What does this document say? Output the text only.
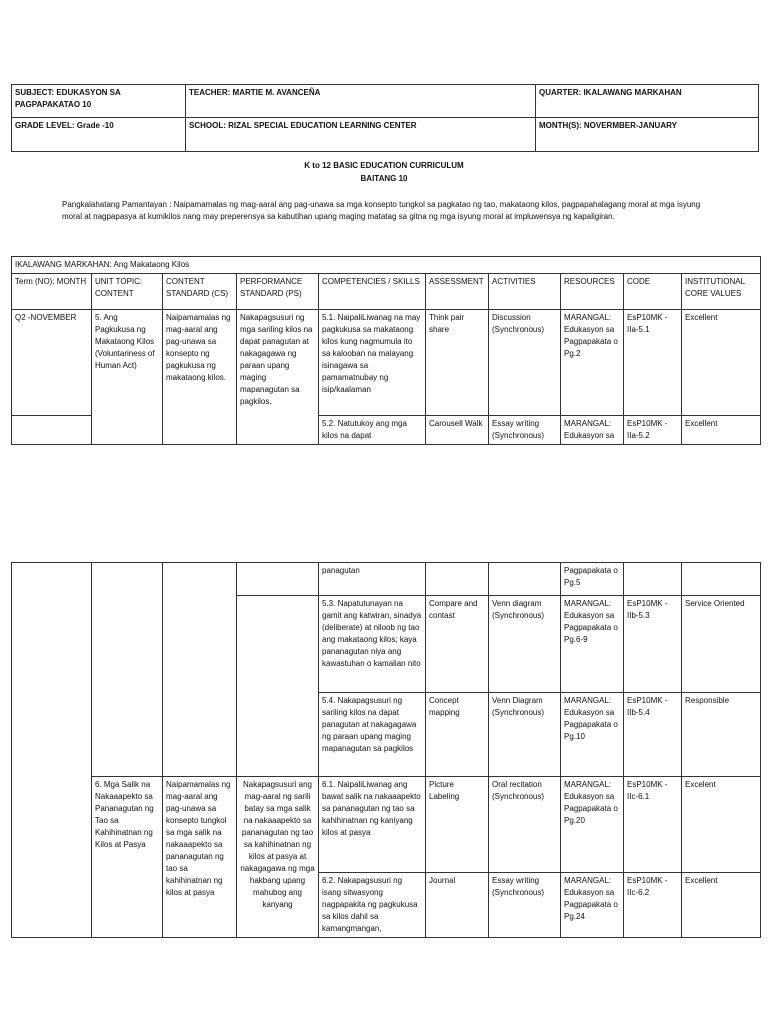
SUBJECT: EDUKASYON SA PAGPAPAKATAO 10	TEACHER: MARTIE M. AVANCEÑA	QUARTER: IKALAWANG MARKAHAN
GRADE LEVEL: Grade -10	SCHOOL: RIZAL SPECIAL EDUCATION LEARNING CENTER	MONTH(S): NOVERMBER-JANUARY
K to 12 BASIC EDUCATION CURRICULUM
BAITANG 10
Pangkalahatang Pamantayan : Naipamamalas ng mag-aaral ang pag-unawa sa mga konsepto tungkol sa pagkatao ng tao, makataong kilos, pagpapahalagang moral at mga isyung moral at nagpapasya at kumikilos nang may preperensya sa kabutihan upang maging matatag sa gitna ng mga isyung moral at impluwensya ng kapaligiran.
IKALAWANG MARKAHAN: Ang Makataong Kilos									
Term (NO): MONTH	UNIT TOPIC: CONTENT	CONTENT STANDARD (CS)	PERFORMANCE STANDARD (PS)	COMPETENCIES / SKILLS	ASSESSMENT	ACTIVITIES	RESOURCES	CODE	INSTITUTIONAL CORE VALUES
Q2 -NOVEMBER	5. Ang Pagkukusa ng Makataong Kilos (Voluntariness of Human Act)	Naipamamalas ng mag-aaral ang pag-unawa sa konsepto ng pagkukusa ng makataong kilos.	Nakapagsusuri ng mga sariling kilos na dapat panagutan at nakagagawa ng paraan upang maging mapanagutan sa pagkilos.	5.1. NaipaliLiwanag na may pagkukusa sa makataong kilos kung nagmumula ito sa kalooban na malayang isinagawa sa pamamatnubay ng isip/kaalaman	Think pair share	Discussion (Synchronous)	MARANGAL: Edukasyon sa Pagpapakata o Pg.2	EsP10MK - IIa-5.1	Excellent
				5.2. Natutukoy ang mga kilos na dapat	Carousell Walk	Essay writing (Synchronous)	MARANGAL: Edukasyon sa	EsP10MK - IIa-5.2	Excellent
				panagutan			Pagpapakata o Pg.5		
				5.3. Napatutunayan na gamit ang katwiran, sinadya (deliberate) at niloob ng tao ang makataong kilos; kaya pananagutan niya ang kawastuhan o kamalian nito	Compare and contast	Venn diagram (Synchronous)	MARANGAL: Edukasyon sa Pagpapakata o Pg.6-9	EsP10MK - IIb-5.3	Service Oriented
				5.4. Nakapagsusuri ng sariling kilos na dapat panagutan at nakagagawa ng paraan upang maging mapanagutan sa pagkilos	Concept mapping	Venn Diagram (Synchronous)	MARANGAL: Edukasyon sa Pagpapakata o Pg.10	EsP10MK - IIb-5.4	Responsible
	6. Mga Salik na Nakaaapekto sa Pananagutan ng Tao sa Kahihinatnan ng Kilos at Pasya	Naipamamalas ng mag-aaral ang pag-unawa sa konsepto tungkol sa mga salik na nakaaapekto sa pananagutan ng tao sa kahihinatnan ng kilos at pasya	Nakapagsusuri ang mag-aaral ng sarili batay sa mga salik na nakaaapekto sa pananagutan ng tao sa kahihinatnan ng kilos at pasya at nakagagawa ng mga hakbang upang mahubog ang kanyang	6.1. NaipaliLiwanag ang bawat salik na nakaaapekto sa pananagutan ng tao sa kahihinatnan ng kaniyang kilos at pasya	Picture Labeling	Oral recitation (Synchronous)	MARANGAL: Edukasyon sa Pagpapakata o Pg.20	EsP10MK - IIc-6.1	Excelent
				6.2. Nakapagsusuri ng isang sitwasyong nagpapakita ng pagkukusa sa kilos dahil sa kamangmangan,	Journal	Essay writing (Synchronous)	MARANGAL: Edukasyon sa Pagpapakata o Pg.24	EsP10MK - IIc-6.2	Excellent
